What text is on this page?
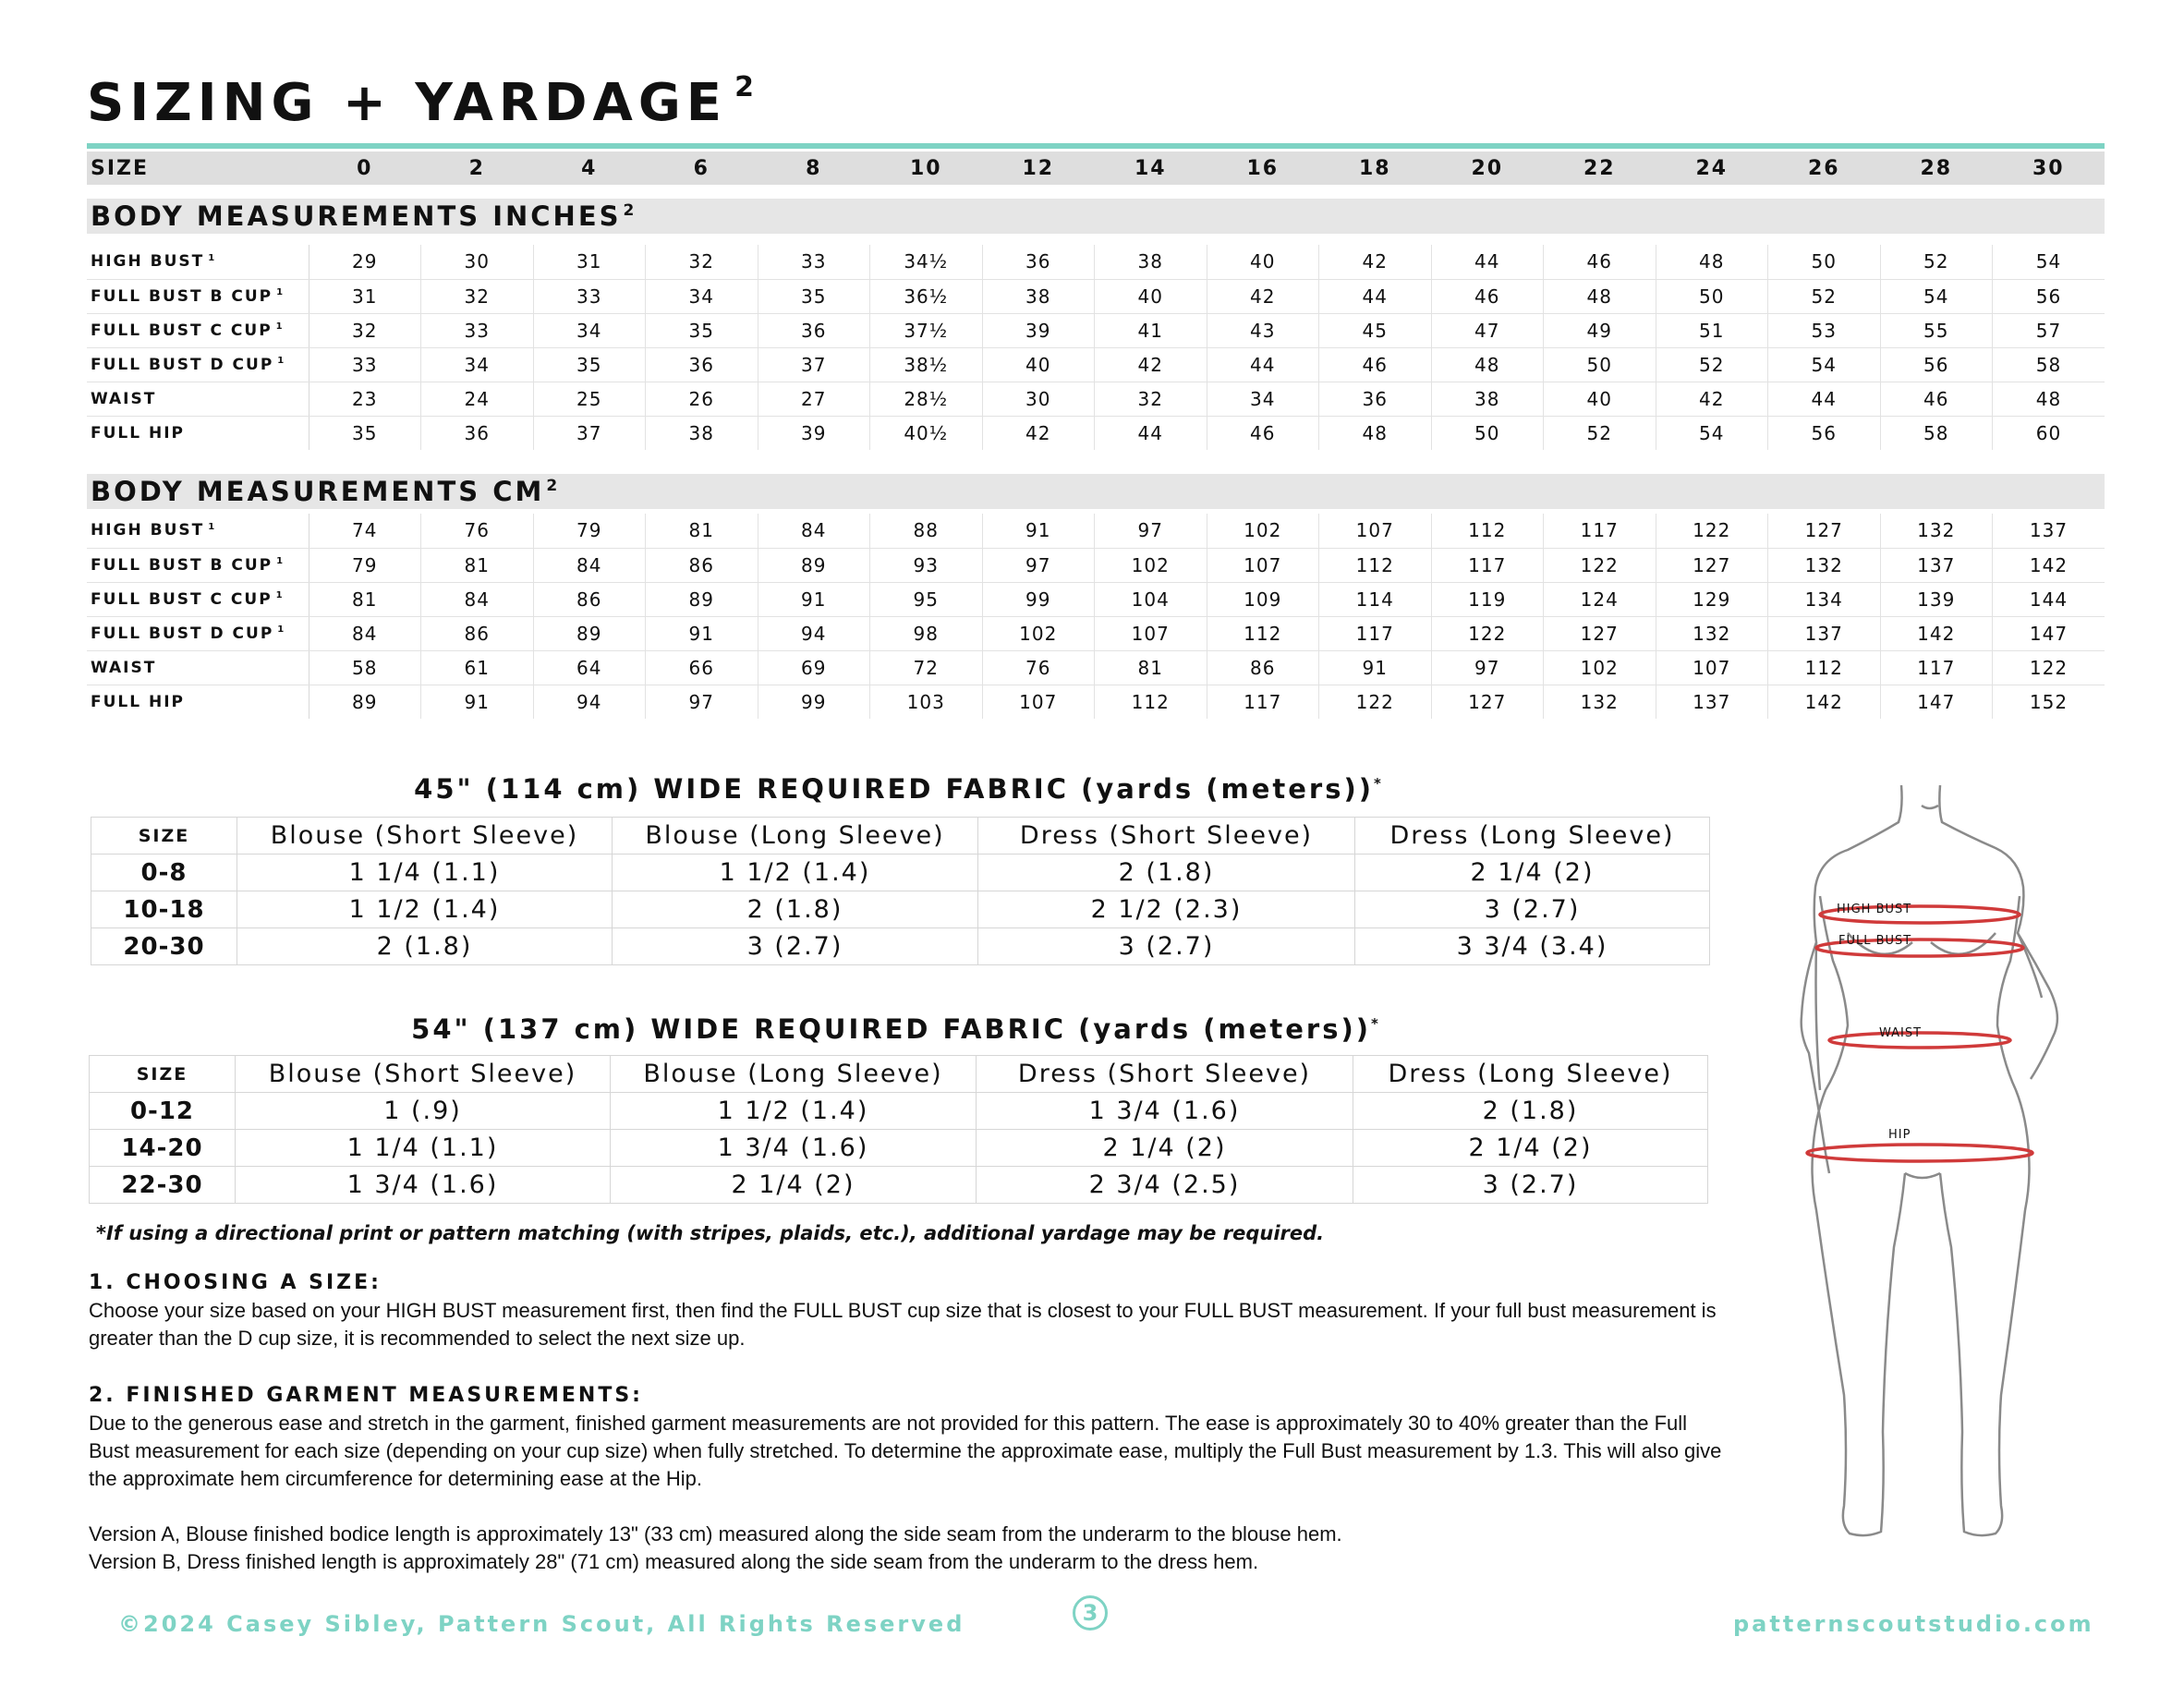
SIZING + YARDAGE $^2$
SIZE	0	2	4	6	8	10	12	14	16	18	20	22	24	26	28	30
BODY MEASUREMENTS INCHES $^2$
HIGH BUST $^1$	29	30	31	32	33	34½	36	38	40	42	44	46	48	50	52	54
FULL BUST B CUP $^1$	31	32	33	34	35	36½	38	40	42	44	46	48	50	52	54	56
FULL BUST C CUP $^1$	32	33	34	35	36	37½	39	41	43	45	47	49	51	53	55	57
FULL BUST D CUP $^1$	33	34	35	36	37	38½	40	42	44	46	48	50	52	54	56	58
WAIST	23	24	25	26	27	28½	30	32	34	36	38	40	42	44	46	48
FULL HIP	35	36	37	38	39	40½	42	44	46	48	50	52	54	56	58	60
BODY MEASUREMENTS CM $^2$
HIGH BUST $^1$	74	76	79	81	84	88	91	97	102	107	112	117	122	127	132	137
FULL BUST B CUP $^1$	79	81	84	86	89	93	97	102	107	112	117	122	127	132	137	142
FULL BUST C CUP $^1$	81	84	86	89	91	95	99	104	109	114	119	124	129	134	139	144
FULL BUST D CUP $^1$	84	86	89	91	94	98	102	107	112	117	122	127	132	137	142	147
WAIST	58	61	64	66	69	72	76	81	86	91	97	102	107	112	117	122
FULL HIP	89	91	94	97	99	103	107	112	117	122	127	132	137	142	147	152
45" (114 cm) WIDE REQUIRED FABRIC (yards (meters))*
SIZE	Blouse (Short Sleeve)	Blouse (Long Sleeve)	Dress (Short Sleeve)	Dress (Long Sleeve)
0-8	1 1/4 (1.1)	1 1/2 (1.4)	2 (1.8)	2 1/4 (2)
10-18	1 1/2 (1.4)	2 (1.8)	2 1/2 (2.3)	3 (2.7)
20-30	2 (1.8)	3 (2.7)	3 (2.7)	3 3/4 (3.4)
54" (137 cm) WIDE REQUIRED FABRIC (yards (meters))*
SIZE	Blouse (Short Sleeve)	Blouse (Long Sleeve)	Dress (Short Sleeve)	Dress (Long Sleeve)
0-12	1 (.9)	1 1/2 (1.4)	1 3/4 (1.6)	2 (1.8)
14-20	1 1/4 (1.1)	1 3/4 (1.6)	2 1/4 (2)	2 1/4 (2)
22-30	1 3/4 (1.6)	2 1/4 (2)	2 3/4 (2.5)	3 (2.7)
*If using a directional print or pattern matching (with stripes, plaids, etc.), additional yardage may be required.
1. CHOOSING A SIZE:
Choose your size based on your HIGH BUST measurement first, then find the FULL BUST cup size that is closest to your FULL BUST measurement. If your full bust measurement is greater than the D cup size, it is recommended to select the next size up.
2. FINISHED GARMENT MEASUREMENTS:
Due to the generous ease and stretch in the garment, finished garment measurements are not provided for this pattern. The ease is approximately 30 to 40% greater than the Full Bust measurement for each size (depending on your cup size) when fully stretched. To determine the approximate ease, multiply the Full Bust measurement by 1.3. This will also give the approximate hem circumference for determining ease at the Hip.
Version A, Blouse finished bodice length is approximately 13" (33 cm) measured along the side seam from the underarm to the blouse hem.
Version B, Dress finished length is approximately 28" (71 cm) measured along the side seam from the underarm to the dress hem.
HIGH BUST
FULL BUST
WAIST
HIP
©2024 Casey Sibley, Pattern Scout, All Rights Reserved	3	patternscoutstudio.com
